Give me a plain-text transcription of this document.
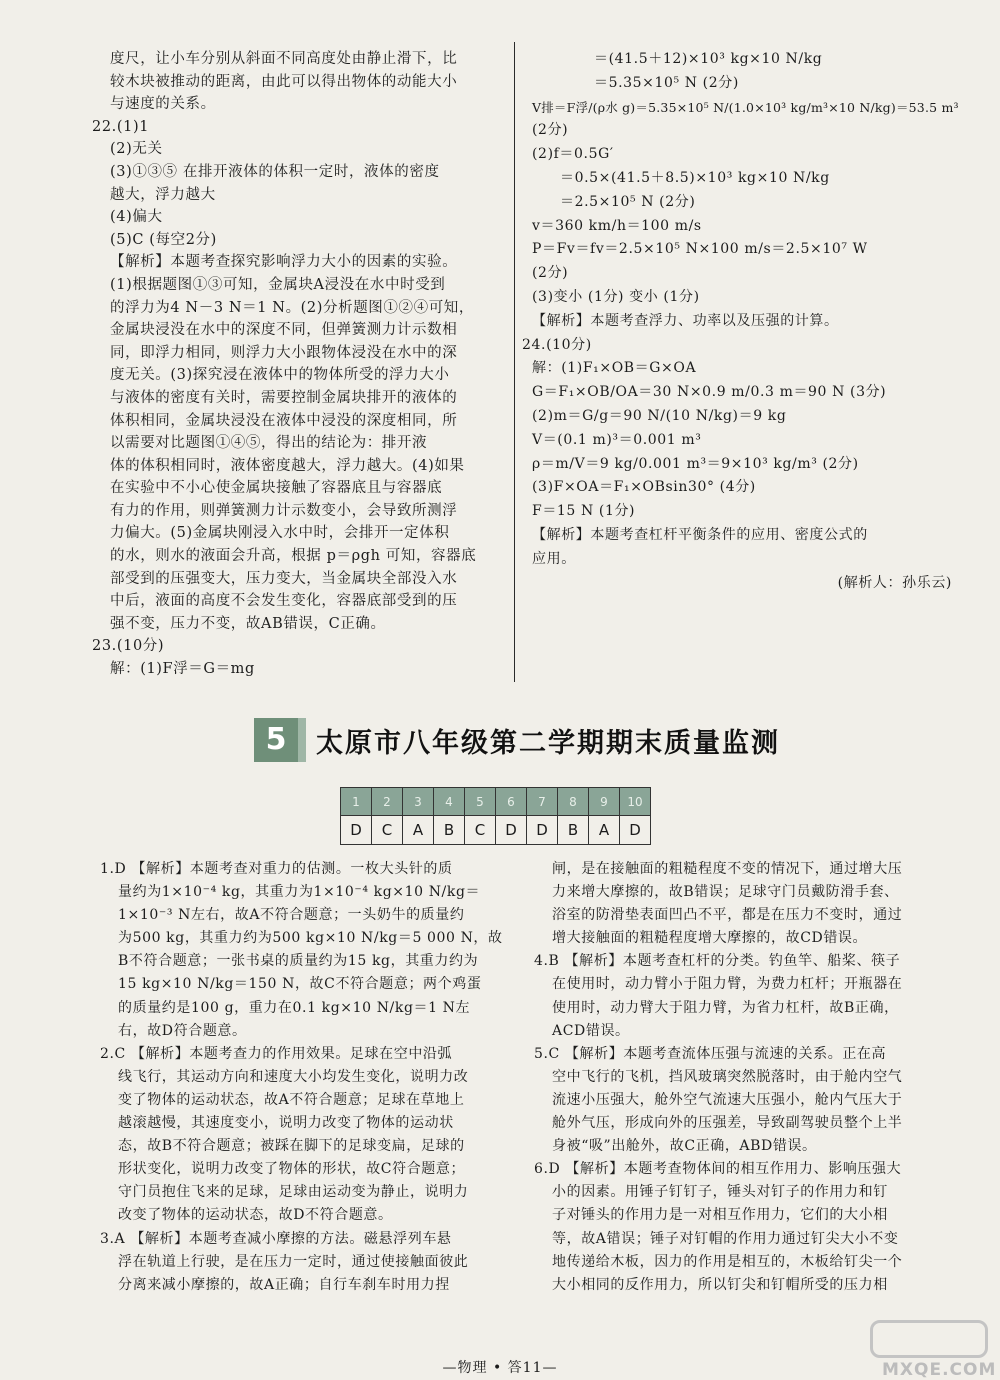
度尺，让小车分别从斜面不同高度处由静止滑下，比

较木块被推动的距离，由此可以得出物体的动能大小

与速度的关系。

22.(1)1

(2)无关

(3)①③⑤ 在排开液体的体积一定时，液体的密度

越大，浮力越大

(4)偏大

(5)C (每空2分)

【解析】本题考查探究影响浮力大小的因素的实验。

(1)根据题图①③可知，金属块A浸没在水中时受到

的浮力为4 N－3 N＝1 N。(2)分析题图①②④可知，

金属块浸没在水中的深度不同，但弹簧测力计示数相

同，即浮力相同，则浮力大小跟物体浸没在水中的深

度无关。(3)探究浸在液体中的物体所受的浮力大小

与液体的密度有关时，需要控制金属块排开的液体的

体积相同，金属块浸没在液体中浸没的深度相同，所

以需要对比题图①④⑤，得出的结论为：排开液

体的体积相同时，液体密度越大，浮力越大。(4)如果

在实验中不小心使金属块接触了容器底且与容器底

有力的作用，则弹簧测力计示数变小，会导致所测浮

力偏大。(5)金属块刚浸入水中时，会排开一定体积

的水，则水的液面会升高，根据 p＝ρgh 可知，容器底

部受到的压强变大，压力变大，当金属块全部没入水

中后，液面的高度不会发生变化，容器底部受到的压

强不变，压力不变，故AB错误，C正确。

23.(10分)

解：(1)F浮＝G＝mg

＝(41.5＋12)×10³ kg×10 N/kg

＝5.35×10⁵ N (2分)

V排＝F浮/(ρ水 g)＝5.35×10⁵ N/(1.0×10³ kg/m³×10 N/kg)＝53.5 m³

(2分)

(2)f＝0.5G′

＝0.5×(41.5＋8.5)×10³ kg×10 N/kg

＝2.5×10⁵ N (2分)

v＝360 km/h＝100 m/s

P＝Fv＝fv＝2.5×10⁵ N×100 m/s＝2.5×10⁷ W

(2分)

(3)变小 (1分) 变小 (1分)

【解析】本题考查浮力、功率以及压强的计算。

24.(10分)

解：(1)F₁×OB＝G×OA

G＝F₁×OB/OA＝30 N×0.9 m/0.3 m＝90 N (3分)

(2)m＝G/g＝90 N/(10 N/kg)＝9 kg

V＝(0.1 m)³＝0.001 m³

ρ＝m/V＝9 kg/0.001 m³＝9×10³ kg/m³ (2分)

(3)F×OA＝F₁×OBsin30° (4分)

F＝15 N (1分)

【解析】本题考查杠杆平衡条件的应用、密度公式的

应用。

(解析人：孙乐云)

5	太原市八年级第二学期期末质量监测
1	2	3	4	5	6	7	8	9	10
D	C	A	B	C	D	D	B	A	D

1.D 【解析】本题考查对重力的估测。一枚大头针的质

量约为1×10⁻⁴ kg，其重力为1×10⁻⁴ kg×10 N/kg＝

1×10⁻³ N左右，故A不符合题意；一头奶牛的质量约

为500 kg，其重力约为500 kg×10 N/kg＝5 000 N，故

B不符合题意；一张书桌的质量约为15 kg，其重力约为

15 kg×10 N/kg＝150 N，故C不符合题意；两个鸡蛋

的质量约是100 g，重力在0.1 kg×10 N/kg＝1 N左

右，故D符合题意。

2.C 【解析】本题考查力的作用效果。足球在空中沿弧

线飞行，其运动方向和速度大小均发生变化，说明力改

变了物体的运动状态，故A不符合题意；足球在草地上

越滚越慢，其速度变小，说明力改变了物体的运动状

态，故B不符合题意；被踩在脚下的足球变扁，足球的

形状变化，说明力改变了物体的形状，故C符合题意；

守门员抱住飞来的足球，足球由运动变为静止，说明力

改变了物体的运动状态，故D不符合题意。

3.A 【解析】本题考查减小摩擦的方法。磁悬浮列车悬

浮在轨道上行驶，是在压力一定时，通过使接触面彼此

分离来减小摩擦的，故A正确；自行车刹车时用力捏

闸，是在接触面的粗糙程度不变的情况下，通过增大压

力来增大摩擦的，故B错误；足球守门员戴防滑手套、

浴室的防滑垫表面凹凸不平，都是在压力不变时，通过

增大接触面的粗糙程度增大摩擦的，故CD错误。

4.B 【解析】本题考查杠杆的分类。钓鱼竿、船桨、筷子

在使用时，动力臂小于阻力臂，为费力杠杆；开瓶器在

使用时，动力臂大于阻力臂，为省力杠杆，故B正确，

ACD错误。

5.C 【解析】本题考查流体压强与流速的关系。正在高

空中飞行的飞机，挡风玻璃突然脱落时，由于舱内空气

流速小压强大，舱外空气流速大压强小，舱内气压大于

舱外气压，形成向外的压强差，导致副驾驶员整个上半

身被“吸”出舱外，故C正确，ABD错误。

6.D 【解析】本题考查物体间的相互作用力、影响压强大

小的因素。用锤子钉钉子，锤头对钉子的作用力和钉

子对锤头的作用力是一对相互作用力，它们的大小相

等，故A错误；锤子对钉帽的作用力通过钉尖大小不变

地传递给木板，因力的作用是相互的，木板给钉尖一个

大小相同的反作用力，所以钉尖和钉帽所受的压力相

—物理 • 答11—	MXQE.COM
